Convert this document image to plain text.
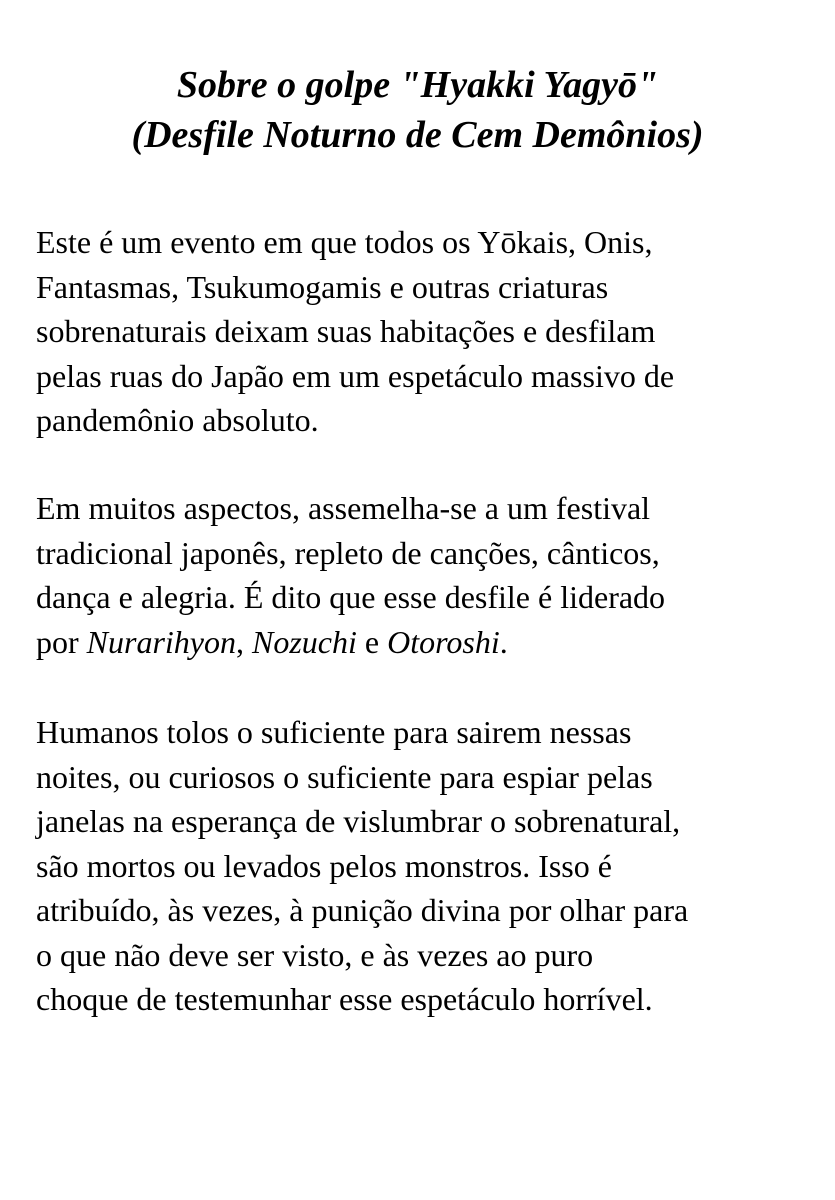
Sobre o golpe "Hyakki Yagyō"
(Desfile Noturno de Cem Demônios)

Este é um evento em que todos os Yōkais, Onis,
Fantasmas, Tsukumogamis e outras criaturas
sobrenaturais deixam suas habitações e desfilam
pelas ruas do Japão em um espetáculo massivo de
pandemônio absoluto.

Em muitos aspectos, assemelha-se a um festival
tradicional japonês, repleto de canções, cânticos,
dança e alegria. É dito que esse desfile é liderado
por Nurarihyon, Nozuchi e Otoroshi.

Humanos tolos o suficiente para sairem nessas
noites, ou curiosos o suficiente para espiar pelas
janelas na esperança de vislumbrar o sobrenatural,
são mortos ou levados pelos monstros. Isso é
atribuído, às vezes, à punição divina por olhar para
o que não deve ser visto, e às vezes ao puro
choque de testemunhar esse espetáculo horrível.
